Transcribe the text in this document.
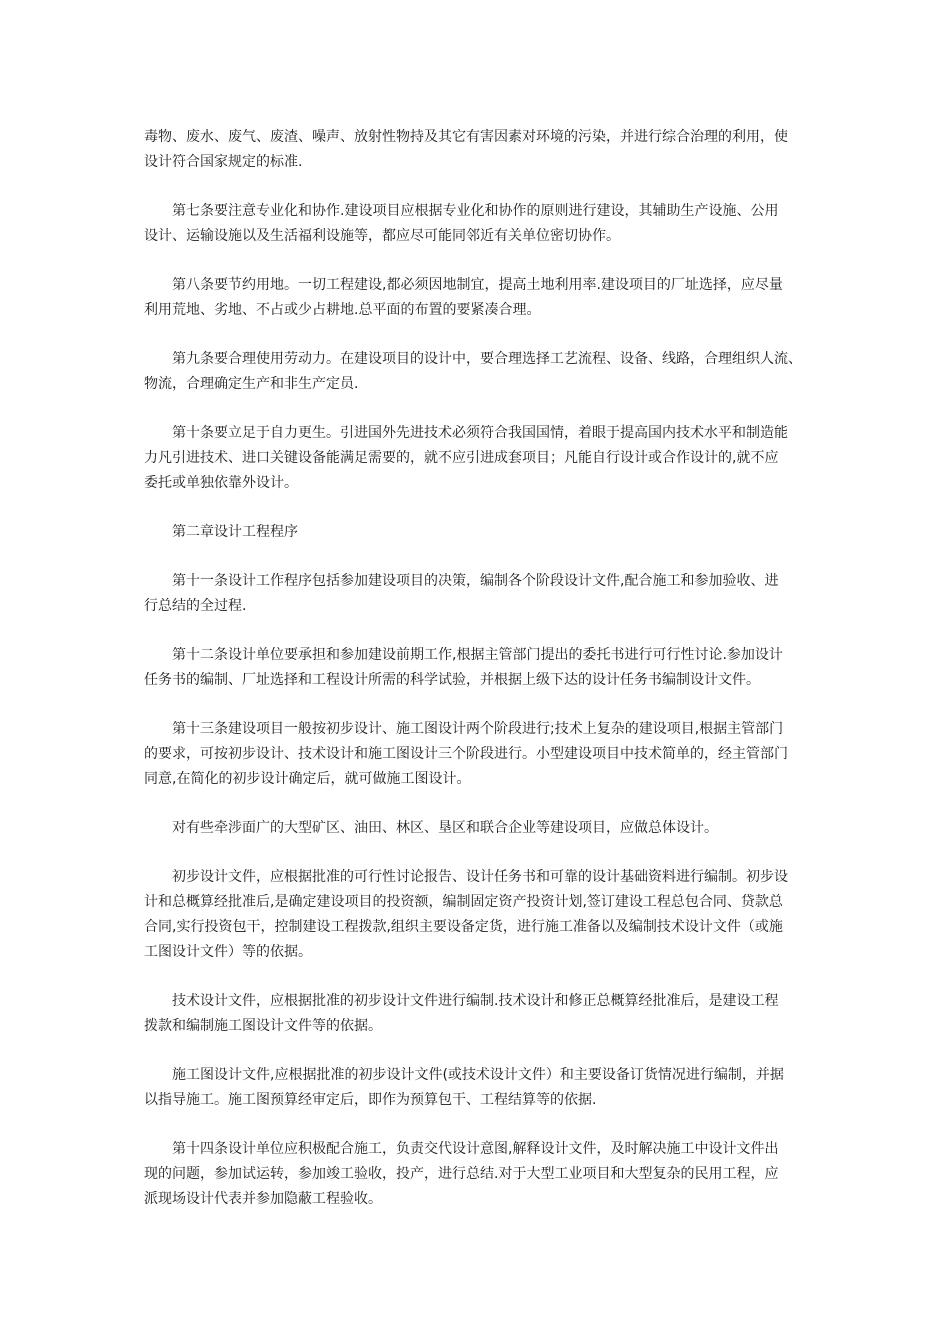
毒物、废水、废气、废渣、噪声、放射性物持及其它有害因素对环境的污染，并进行综合治理的利用，使
设计符合国家规定的标准.

第七条要注意专业化和协作.建设项目应根据专业化和协作的原则进行建设，其辅助生产设施、公用
设计、运输设施以及生活福利设施等，都应尽可能同邻近有关单位密切协作。

第八条要节约用地。一切工程建设,都必须因地制宜，提高土地利用率.建设项目的厂址选择，应尽量
利用荒地、劣地、不占或少占耕地.总平面的布置的要紧凑合理。

第九条要合理使用劳动力。在建设项目的设计中，要合理选择工艺流程、设备、线路，合理组织人流、
物流，合理确定生产和非生产定员.

第十条要立足于自力更生。引进国外先进技术必须符合我国国情，着眼于提高国内技术水平和制造能
力凡引进技术、进口关键设备能满足需要的，就不应引进成套项目；凡能自行设计或合作设计的,就不应
委托或单独依靠外设计。

第二章设计工程程序

第十一条设计工作程序包括参加建设项目的决策，编制各个阶段设计文件,配合施工和参加验收、进
行总结的全过程.

第十二条设计单位要承担和参加建设前期工作,根据主管部门提出的委托书进行可行性讨论.参加设计
任务书的编制、厂址选择和工程设计所需的科学试验，并根据上级下达的设计任务书编制设计文件。

第十三条建设项目一般按初步设计、施工图设计两个阶段进行;技术上复杂的建设项目,根据主管部门
的要求，可按初步设计、技术设计和施工图设计三个阶段进行。小型建设项目中技术简单的，经主管部门
同意,在简化的初步设计确定后，就可做施工图设计。

对有些牵涉面广的大型矿区、油田、林区、垦区和联合企业等建设项目，应做总体设计。

初步设计文件，应根据批准的可行性讨论报告、设计任务书和可靠的设计基础资料进行编制。初步设
计和总概算经批准后,是确定建设项目的投资额，编制固定资产投资计划,签订建设工程总包合同、贷款总
合同,实行投资包干，控制建设工程拨款,组织主要设备定货，进行施工准备以及编制技术设计文件（或施
工图设计文件）等的依据。

技术设计文件，应根据批准的初步设计文件进行编制.技术设计和修正总概算经批准后，是建设工程
拨款和编制施工图设计文件等的依据。

施工图设计文件,应根据批准的初步设计文件(或技术设计文件）和主要设备订货情况进行编制，并据
以指导施工。施工图预算经审定后，即作为预算包干、工程结算等的依据.

第十四条设计单位应积极配合施工，负责交代设计意图,解释设计文件，及时解决施工中设计文件出
现的问题，参加试运转，参加竣工验收，投产，进行总结.对于大型工业项目和大型复杂的民用工程，应
派现场设计代表并参加隐蔽工程验收。
